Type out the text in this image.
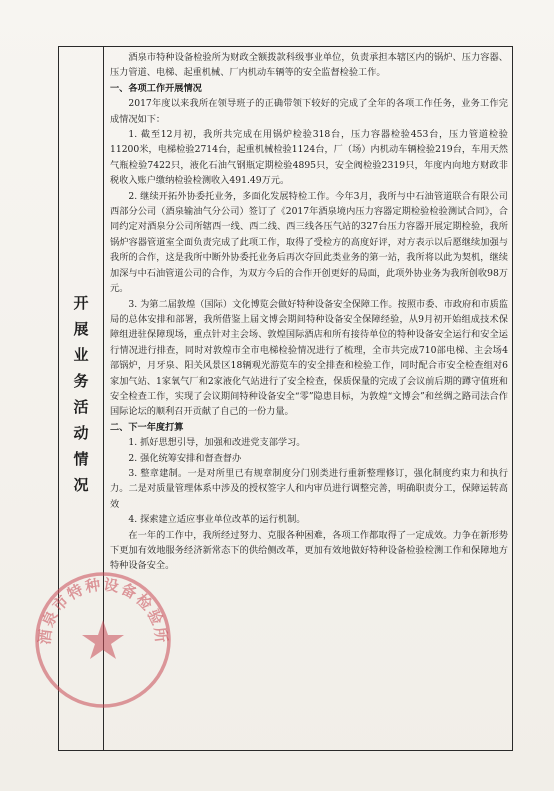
开
展
业
务
活
动
情
况

酒泉市特种设备检验所为财政全额拨款科级事业单位，负责承担本辖区内的锅炉、压力容器、压力管道、电梯、起重机械、厂内机动车辆等的安全监督检验工作。

一、各项工作开展情况

2017年度以来我所在领导班子的正确带领下较好的完成了全年的各项工作任务，业务工作完成情况如下：

1. 截至12月初，我所共完成在用锅炉检验318台，压力容器检验453台，压力管道检验11200米，电梯检验2714台，起重机械检验1124台，厂（场）内机动车辆检验219台，车用天然气瓶检验7422只，液化石油气钢瓶定期检验4895只，安全阀检验2319只，年度内向地方财政非税收入账户缴纳检验检测收入491.49万元。

2. 继续开拓外协委托业务，多面化发展特检工作。今年3月，我所与中石油管道联合有限公司西部分公司（酒泉输油气分公司）签订了《2017年酒泉境内压力容器定期检验检验测试合同》，合同约定对酒泉分公司所辖西一线、西二线、西三线各压气站的327台压力容器开展定期检验，我所锅炉容器管道室全面负责完成了此项工作，取得了受检方的高度好评，对方表示以后愿继续加强与我所的合作，这是我所中断外协委托业务后再次夺回此类业务的第一站，我所将以此为契机，继续加深与中石油管道公司的合作，为双方今后的合作开创更好的局面，此项外协业务为我所创收98万元。

3. 为第二届敦煌（国际）文化博览会做好特种设备安全保障工作。按照市委、市政府和市质监局的总体安排和部署，我所借鉴上届文博会期间特种设备安全保障经验，从9月初开始组成技术保障组进驻保障现场，重点针对主会场、敦煌国际酒店和所有接待单位的特种设备安全运行和安全运行情况进行排查，同时对敦煌市全市电梯检验情况进行了梳理，全市共完成710部电梯、主会场4部锅炉，月牙泉、阳关风景区18辆观光游览车的安全排查和检验工作，同时配合市安全检查组对6家加气站、1家氧气厂和2家液化气站进行了安全检查，保质保量的完成了会议前后期的蹲守值班和安全检查工作，实现了会议期间特种设备安全“零”隐患目标，为敦煌“文博会”和丝绸之路司法合作国际论坛的顺利召开贡献了自己的一份力量。

二、下一年度打算

1. 抓好思想引导，加强和改进党支部学习。

2. 强化统筹安排和督查督办

3. 整章建制。一是对所里已有规章制度分门别类进行重新整理修订，强化制度约束力和执行力。二是对质量管理体系中涉及的授权签字人和内审员进行调整完善，明确职责分工，保障运转高效

4. 探索建立适应事业单位改革的运行机制。

在一年的工作中，我所经过努力、克服各种困难，各项工作都取得了一定成效。力争在新形势下更加有效地服务经济新常态下的供给侧改革，更加有效地做好特种设备检验检测工作和保障地方特种设备安全。

酒泉市特种设备检验所
